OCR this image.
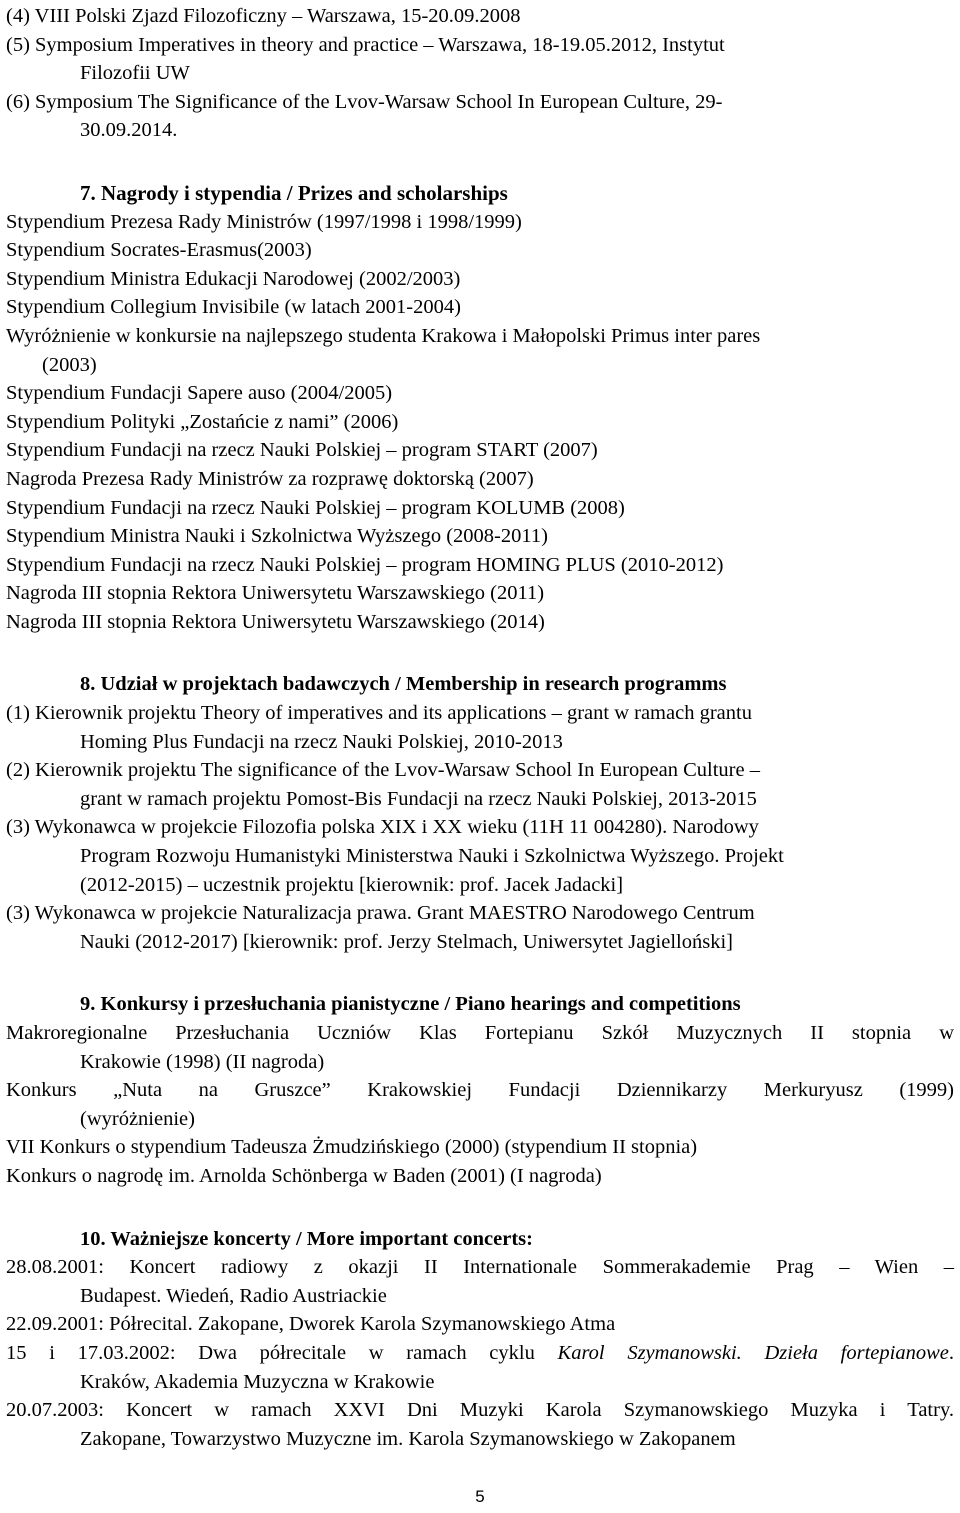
(4) VIII Polski Zjazd Filozoficzny – Warszawa, 15-20.09.2008
(5) Symposium Imperatives in theory and practice – Warszawa, 18-19.05.2012, Instytut
Filozofii UW
(6) Symposium The Significance of the Lvov-Warsaw School In European Culture, 29-
30.09.2014.
7. Nagrody i stypendia / Prizes and scholarships
Stypendium Prezesa Rady Ministrów (1997/1998 i 1998/1999)
Stypendium Socrates-Erasmus(2003)
Stypendium Ministra Edukacji Narodowej (2002/2003)
Stypendium Collegium Invisibile (w latach 2001-2004)
Wyróżnienie w konkursie na najlepszego studenta Krakowa i Małopolski Primus inter pares
(2003)
Stypendium Fundacji Sapere auso (2004/2005)
Stypendium Polityki „Zostańcie z nami” (2006)
Stypendium Fundacji na rzecz Nauki Polskiej – program START (2007)
Nagroda Prezesa Rady Ministrów za rozprawę doktorską (2007)
Stypendium Fundacji na rzecz Nauki Polskiej – program KOLUMB (2008)
Stypendium Ministra Nauki i Szkolnictwa Wyższego (2008-2011)
Stypendium Fundacji na rzecz Nauki Polskiej – program HOMING PLUS (2010-2012)
Nagroda III stopnia Rektora Uniwersytetu Warszawskiego (2011)
Nagroda III stopnia Rektora Uniwersytetu Warszawskiego (2014)
8. Udział w projektach badawczych / Membership in research programms
(1) Kierownik projektu Theory of imperatives and its applications – grant w ramach grantu
Homing Plus Fundacji na rzecz Nauki Polskiej, 2010-2013
(2) Kierownik projektu The significance of the Lvov-Warsaw School In European Culture –
grant w ramach projektu Pomost-Bis Fundacji na rzecz Nauki Polskiej, 2013-2015
(3) Wykonawca w projekcie Filozofia polska XIX i XX wieku (11H 11 004280). Narodowy
Program Rozwoju Humanistyki Ministerstwa Nauki i Szkolnictwa Wyższego. Projekt
(2012-2015) – uczestnik projektu [kierownik: prof. Jacek Jadacki]
(3) Wykonawca w projekcie Naturalizacja prawa. Grant MAESTRO Narodowego Centrum
Nauki (2012-2017) [kierownik: prof. Jerzy Stelmach, Uniwersytet Jagielloński]
9. Konkursy i przesłuchania pianistyczne / Piano hearings and competitions
Makroregionalne Przesłuchania Uczniów Klas Fortepianu Szkół Muzycznych II stopnia w
Krakowie (1998) (II nagroda)
Konkurs „Nuta na Gruszce” Krakowskiej Fundacji Dziennikarzy Merkuryusz (1999)
(wyróżnienie)
VII Konkurs o stypendium Tadeusza Żmudzińskiego (2000) (stypendium II stopnia)
Konkurs o nagrodę im. Arnolda Schönberga w Baden (2001) (I nagroda)
10. Ważniejsze koncerty / More important concerts:
28.08.2001: Koncert radiowy z okazji II Internationale Sommerakademie Prag – Wien –
Budapest. Wiedeń, Radio Austriackie
22.09.2001: Półrecital. Zakopane, Dworek Karola Szymanowskiego Atma
15 i 17.03.2002: Dwa półrecitale w ramach cyklu Karol Szymanowski. Dzieła fortepianowe.
Kraków, Akademia Muzyczna w Krakowie
20.07.2003: Koncert w ramach XXVI Dni Muzyki Karola Szymanowskiego Muzyka i Tatry.
Zakopane, Towarzystwo Muzyczne im. Karola Szymanowskiego w Zakopanem
5
